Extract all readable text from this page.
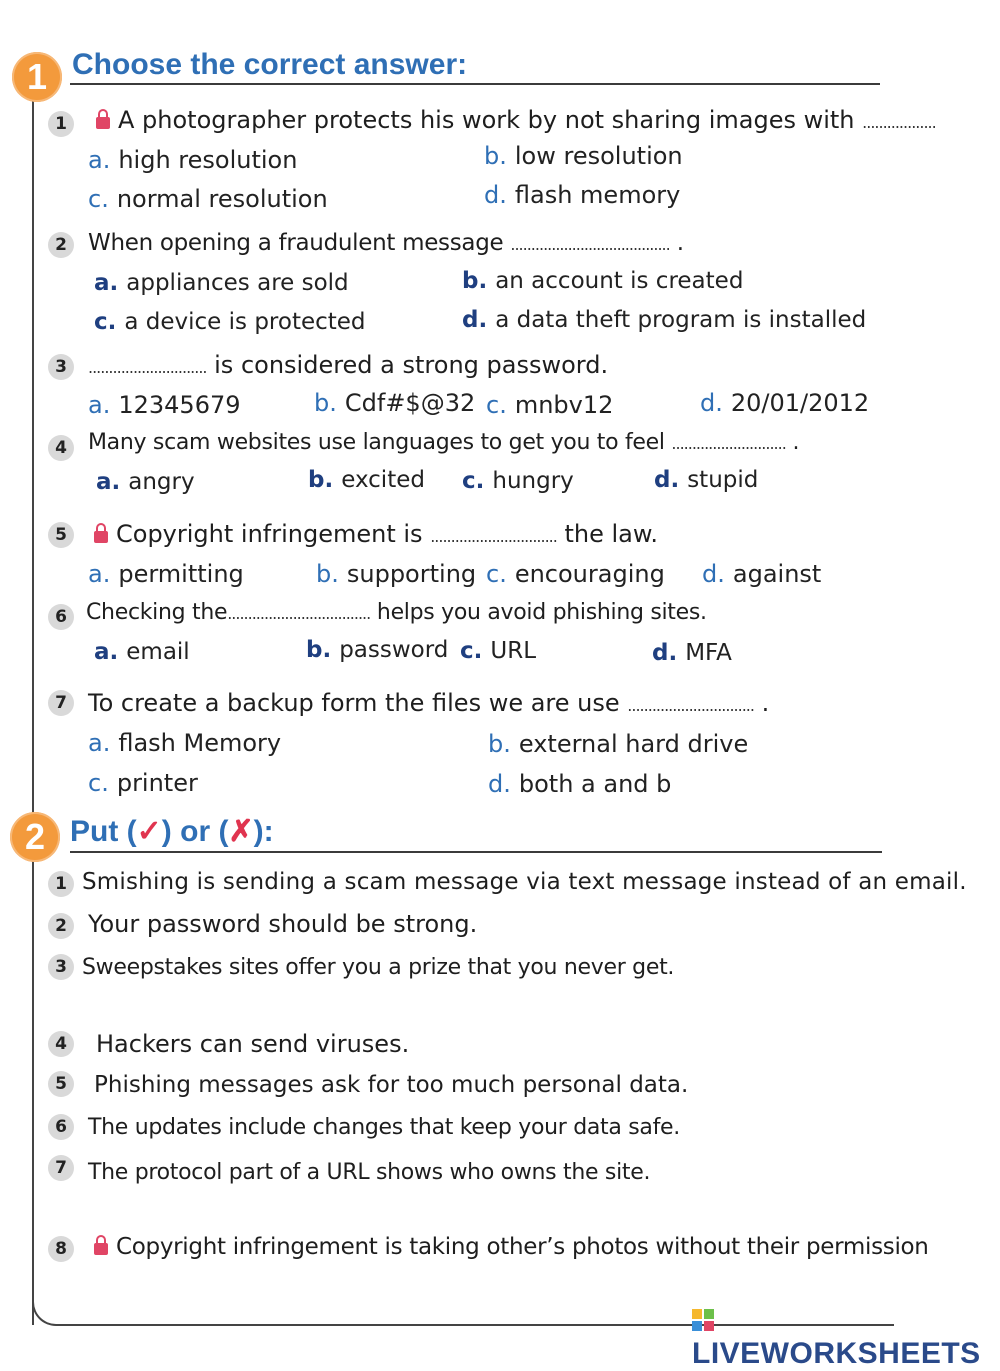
1 Choose the correct answer:
1	A photographer protects his work by not sharing images with ..................
a. high resolution	b. low resolution
c. normal resolution	d. flash memory
2 When opening a fraudulent message ....................................... .
a. appliances are sold	b. an account is created
c. a device is protected	d. a data theft program is installed
3	............................. is considered a strong password.
a. 12345679	b. Cdf#$@32 c. mnbv12	d. 20/01/2012
4 Many scam websites use languages to get you to feel ............................ .
a. angry	b. excited c. hungry	d. stupid
5	Copyright infringement is ............................... the law.
a. permitting	b. supporting c. encouraging d. against
6 Checking the................................... helps you avoid phishing sites.
a. email	b. password c. URL	d. MFA
7 To create a backup form the files we are use ............................... .
a. flash Memory	b. external hard drive
c. printer	d. both a and b
2 Put (✓) or (✗):
1 Smishing is sending a scam message via text message instead of an email.
2 Your password should be strong.
3 Sweepstakes sites offer you a prize that you never get.
4 Hackers can send viruses.
5	Phishing messages ask for too much personal data.
6 The updates include changes that keep your data safe.
7 The protocol part of a URL shows who owns the site.
8	Copyright infringement is taking other’s photos without their permission
LIVEWORKSHEETS
